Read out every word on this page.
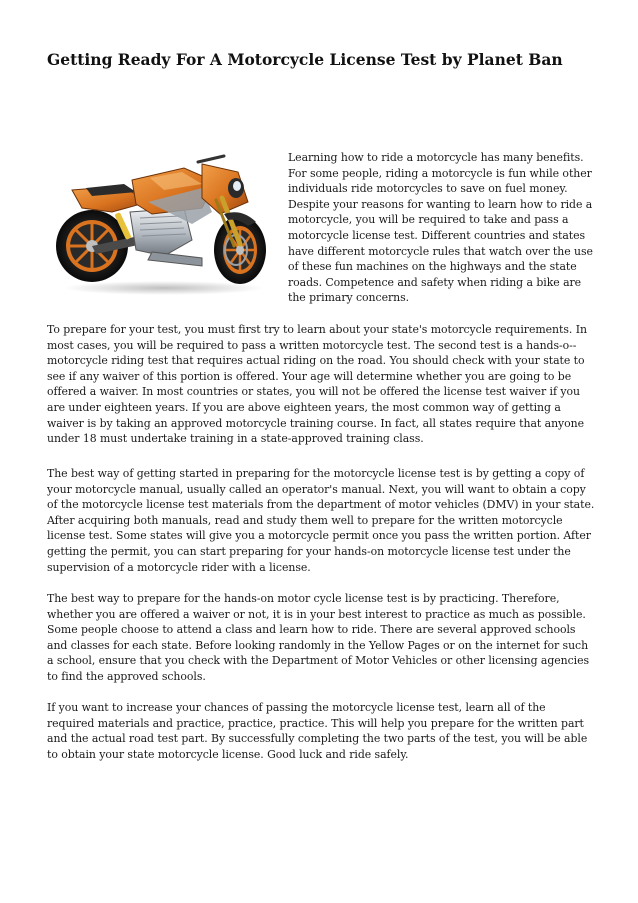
Getting Ready For A Motorcycle License Test by Planet Ban

Learning how to ride a motorcycle has many benefits. For some people, riding a motorcycle is fun while other individuals ride motorcycles to save on fuel money. Despite your reasons for wanting to learn how to ride a motorcycle, you will be required to take and pass a motorcycle license test. Different countries and states have different motorcycle rules that watch over the use of these fun machines on the highways and the state roads. Competence and safety when riding a bike are the primary concerns.

To prepare for your test, you must first try to learn about your state's motorcycle requirements. In most cases, you will be required to pass a written motorcycle test. The second test is a hands-o--motorcycle riding test that requires actual riding on the road. You should check with your state to see if any waiver of this portion is offered. Your age will determine whether you are going to be offered a waiver. In most countries or states, you will not be offered the license test waiver if you are under eighteen years. If you are above eighteen years, the most common way of getting a waiver is by taking an approved motorcycle training course. In fact, all states require that anyone under 18 must undertake training in a state-approved training class.

The best way of getting started in preparing for the motorcycle license test is by getting a copy of your motorcycle manual, usually called an operator's manual. Next, you will want to obtain a copy of the motorcycle license test materials from the department of motor vehicles (DMV) in your state. After acquiring both manuals, read and study them well to prepare for the written motorcycle license test. Some states will give you a motorcycle permit once you pass the written portion. After getting the permit, you can start preparing for your hands-on motorcycle license test under the supervision of a motorcycle rider with a license.

The best way to prepare for the hands-on motor cycle license test is by practicing. Therefore, whether you are offered a waiver or not, it is in your best interest to practice as much as possible. Some people choose to attend a class and learn how to ride. There are several approved schools and classes for each state. Before looking randomly in the Yellow Pages or on the internet for such a school, ensure that you check with the Department of Motor Vehicles or other licensing agencies to find the approved schools.

If you want to increase your chances of passing the motorcycle license test, learn all of the required materials and practice, practice, practice. This will help you prepare for the written part and the actual road test part. By successfully completing the two parts of the test, you will be able to obtain your state motorcycle license. Good luck and ride safely.
